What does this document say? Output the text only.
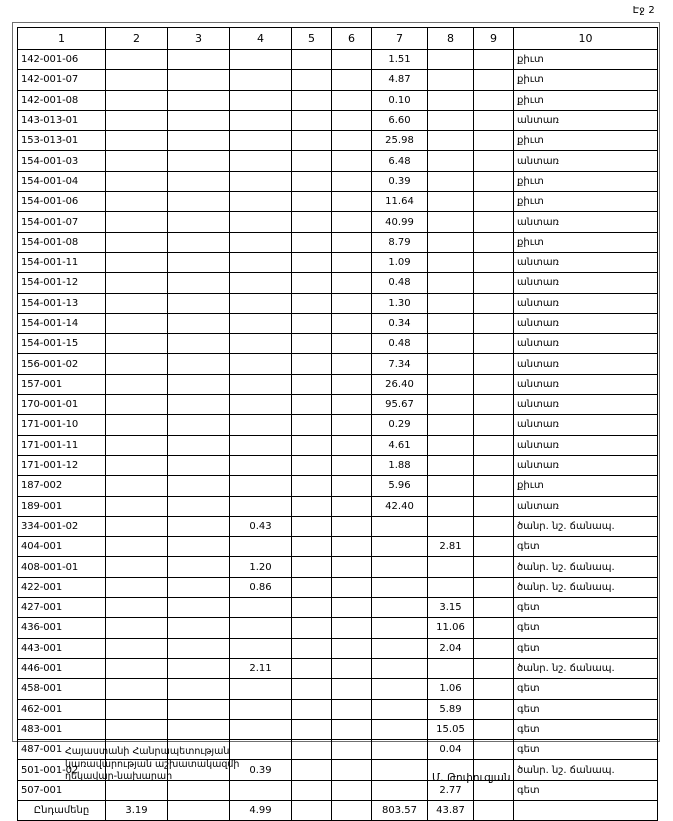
Էջ 2
1	2	3	4	5	6	7	8	9	10
142-001-06						1.51			քիւտ
142-001-07						4.87			քիւտ
142-001-08						0.10			քիւտ
143-013-01						6.60			անտառ
153-013-01						25.98			քիւտ
154-001-03						6.48			անտառ
154-001-04						0.39			քիւտ
154-001-06						11.64			քիւտ
154-001-07						40.99			անտառ
154-001-08						8.79			քիւտ
154-001-11						1.09			անտառ
154-001-12						0.48			անտառ
154-001-13						1.30			անտառ
154-001-14						0.34			անտառ
154-001-15						0.48			անտառ
156-001-02						7.34			անտառ
157-001						26.40			անտառ
170-001-01						95.67			անտառ
171-001-10						0.29			անտառ
171-001-11						4.61			անտառ
171-001-12						1.88			անտառ
187-002						5.96			քիւտ
189-001						42.40			անտառ
334-001-02			0.43						ծանր. նշ. ճանապ.
404-001							2.81		գետ
408-001-01			1.20						ծանր. նշ. ճանապ.
422-001			0.86						ծանր. նշ. ճանապ.
427-001							3.15		գետ
436-001							11.06		գետ
443-001							2.04		գետ
446-001			2.11						ծանր. նշ. ճանապ.
458-001							1.06		գետ
462-001							5.89		գետ
483-001							15.05		գետ
487-001							0.04		գետ
501-001-02			0.39						ծանր. նշ. ճանապ.
507-001							2.77		գետ
Ընդամենը	3.19		4.99			803.57	43.87		
Հայաստանի Հանրապետության
կառավարության աշխատակազմի
ղեկավար-նախարար	Մ. Թոփուզյան
